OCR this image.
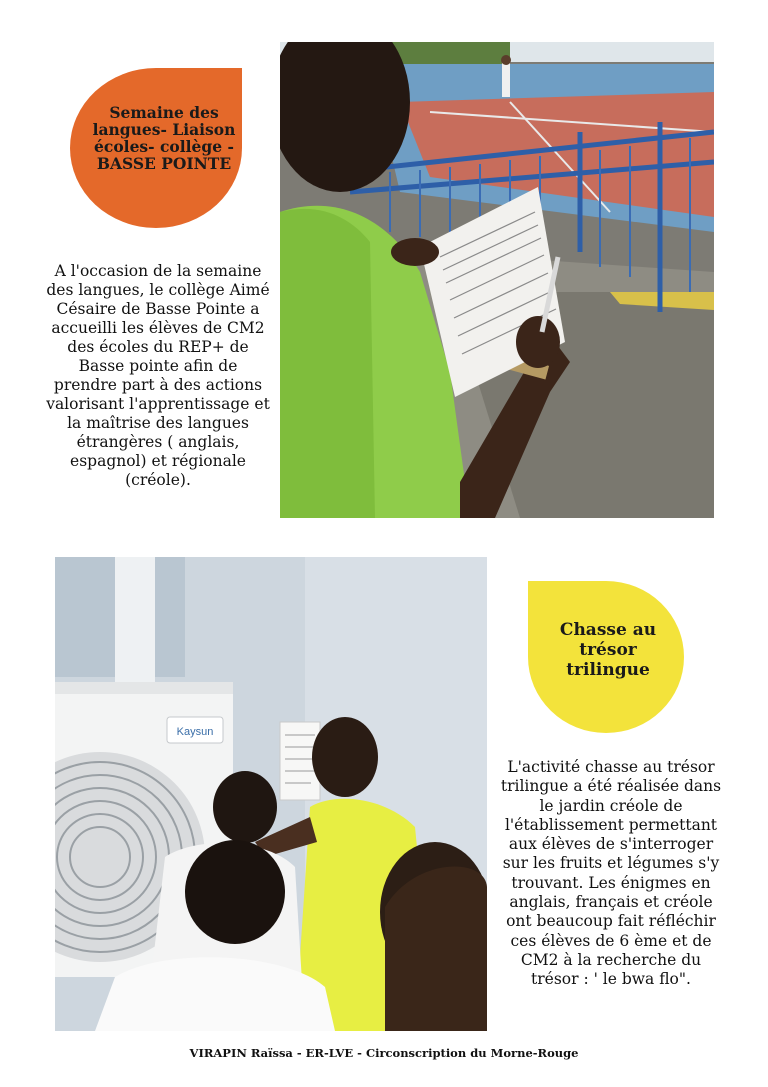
Semaine des langues- Liaison écoles- collège - BASSE POINTE
A l'occasion de la semaine des langues, le collège Aimé Césaire de Basse Pointe a accueilli les élèves de CM2 des écoles du REP+ de Basse pointe afin de prendre part à des actions valorisant l'apprentissage et la maîtrise des langues étrangères ( anglais, espagnol) et régionale (créole).
Kaysun
Chasse au trésor trilingue
L'activité chasse au trésor trilingue a été réalisée dans le jardin créole de l'établissement permettant aux élèves de s'interroger sur les fruits et légumes s'y trouvant. Les énigmes en anglais, français et créole ont beaucoup fait réfléchir ces élèves de 6 ème et de CM2 à la recherche du trésor : ' le bwa flo".
VIRAPIN Raïssa - ER-LVE - Circonscription du Morne-Rouge
